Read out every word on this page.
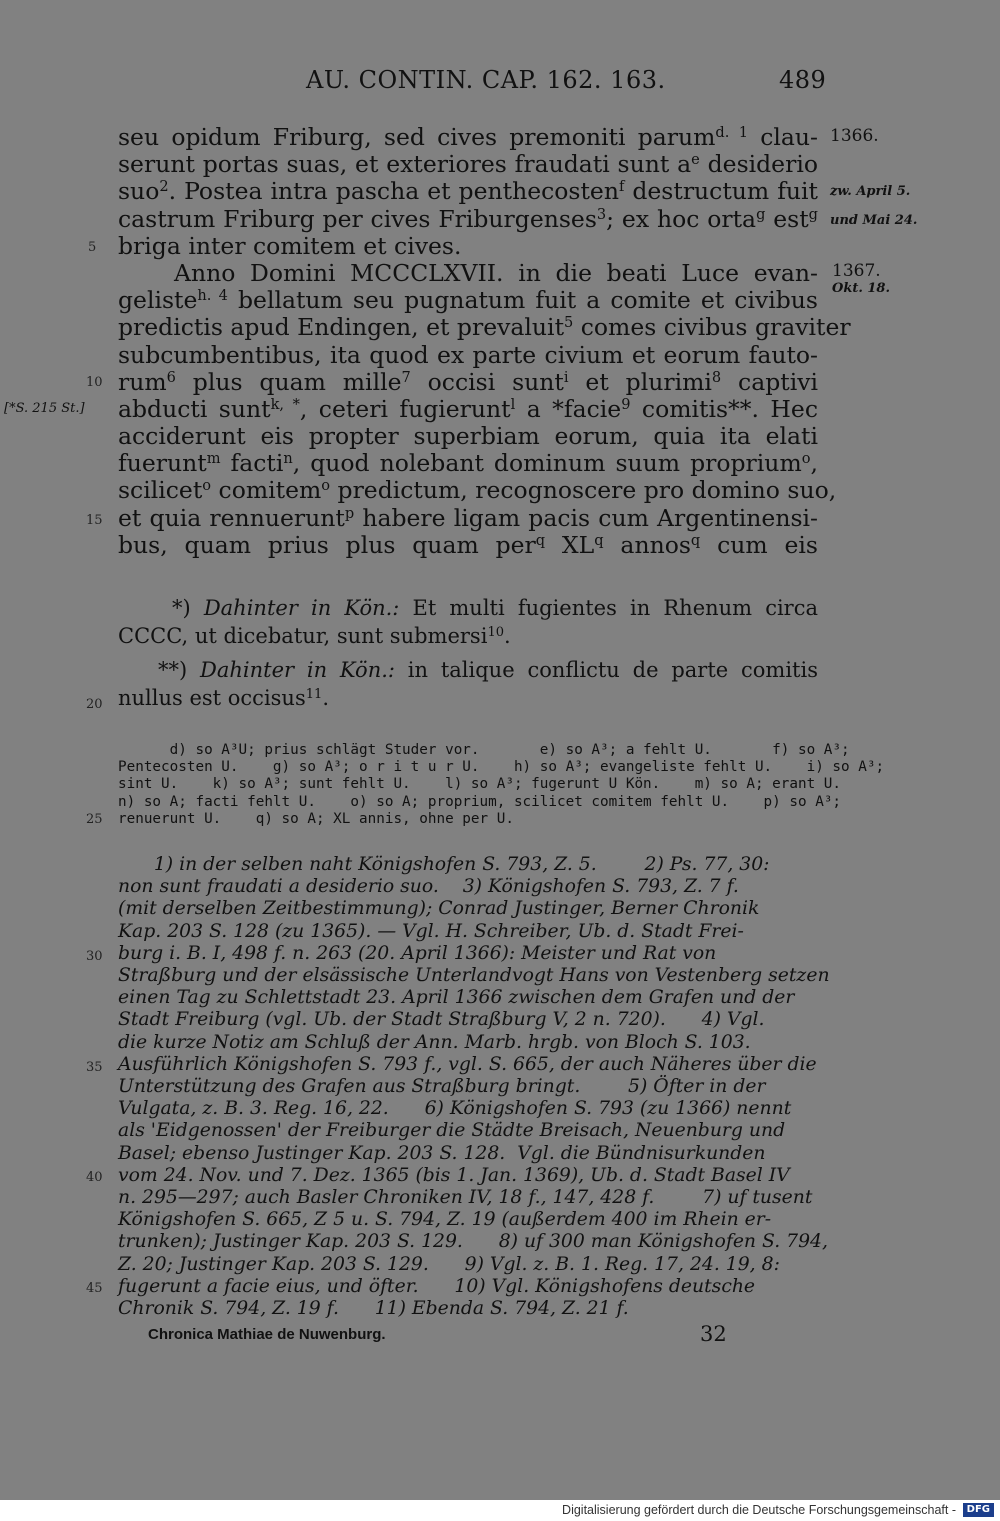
AU. CONTIN. CAP. 162. 163.	489
1366.
zw. April 5.
und Mai 24.
1367.
Okt. 18.
[*S. 215 St.]
5
10
15
20
25
30
35
40
45
seu opidum Friburg, sed cives premoniti parum$^{d. 1}$ clau-
serunt portas suas, et exteriores fraudati sunt $a^e$ desiderio
suo$^2$. Postea intra pascha et penthecosten$^f$ destructum fuit
castrum Friburg per cives Friburgenses$^3$; ex hoc orta$^g$ est$^g$
briga inter comitem et cives.
Anno Domini MCCCLXVII. in die beati Luce evan-
geliste$^{h. 4}$ bellatum seu pugnatum fuit a comite et civibus
predictis apud Endingen, et prevaluit$^5$ comes civibus graviter
subcumbentibus, ita quod ex parte civium et eorum fauto-
rum$^6$ plus quam mille$^7$ occisi sunt$^i$ et plurimi$^8$ captivi
abducti sunt$^{k, *}$, ceteri fugierunt$^l$ a *facie$^9$ comitis**. Hec
acciderunt eis propter superbiam eorum, quia ita elati
fuerunt$^m$ facti$^n$, quod nolebant dominum suum proprium$^o$,
scilicet$^o$ comitem$^o$ predictum, recognoscere pro domino suo,
et quia rennuerunt$^p$ habere ligam pacis cum Argentinensi-
bus, quam prius plus quam per$^q$ $XL^q$ annos$^q$ cum eis
*) Dahinter in Kön.: Et multi fugientes in Rhenum circa
CCCC, ut dicebatur, sunt submersi$^{10}$.
**) Dahinter in Kön.: in talique conflictu de parte comitis
nullus est occisus$^{11}$.
d) so A³U; prius schlägt Studer vor.       e) so A³; a fehlt U.       f) so A³;
Pentecosten U.    g) so A³; o r i t u r U.    h) so A³; evangeliste fehlt U.    i) so A³;
sint U.    k) so A³; sunt fehlt U.    l) so A³; fugerunt U Kön.    m) so A; erant U.
n) so A; facti fehlt U.    o) so A; proprium, scilicet comitem fehlt U.    p) so A³;
renuerunt U.    q) so A; XL annis, ohne per U.
1) in der selben naht Königshofen S. 793, Z. 5.        2) Ps. 77, 30:
non sunt fraudati a desiderio suo.    3) Königshofen S. 793, Z. 7 f.
(mit derselben Zeitbestimmung); Conrad Justinger, Berner Chronik
Kap. 203 S. 128 (zu 1365). — Vgl. H. Schreiber, Ub. d. Stadt Frei-
burg i. B. I, 498 f. n. 263 (20. April 1366): Meister und Rat von
Straßburg und der elsässische Unterlandvogt Hans von Vestenberg setzen
einen Tag zu Schlettstadt 23. April 1366 zwischen dem Grafen und der
Stadt Freiburg (vgl. Ub. der Stadt Straßburg V, 2 n. 720).      4) Vgl.
die kurze Notiz am Schluß der Ann. Marb. hrgb. von Bloch S. 103.
Ausführlich Königshofen S. 793 f., vgl. S. 665, der auch Näheres über die
Unterstützung des Grafen aus Straßburg bringt.        5) Öfter in der
Vulgata, z. B. 3. Reg. 16, 22.      6) Königshofen S. 793 (zu 1366) nennt
als 'Eidgenossen' der Freiburger die Städte Breisach, Neuenburg und
Basel; ebenso Justinger Kap. 203 S. 128.  Vgl. die Bündnisurkunden
vom 24. Nov. und 7. Dez. 1365 (bis 1. Jan. 1369), Ub. d. Stadt Basel IV
n. 295—297; auch Basler Chroniken IV, 18 f., 147, 428 f.        7) uf tusent
Königshofen S. 665, Z 5 u. S. 794, Z. 19 (außerdem 400 im Rhein er-
trunken); Justinger Kap. 203 S. 129.      8) uf 300 man Königshofen S. 794,
Z. 20; Justinger Kap. 203 S. 129.      9) Vgl. z. B. 1. Reg. 17, 24. 19, 8:
fugerunt a facie eius, und öfter.      10) Vgl. Königshofens deutsche
Chronik S. 794, Z. 19 f.      11) Ebenda S. 794, Z. 21 f.
Chronica Mathiae de Nuwenburg.	32
Digitalisierung gefördert durch die Deutsche Forschungsgemeinschaft -	DFG
